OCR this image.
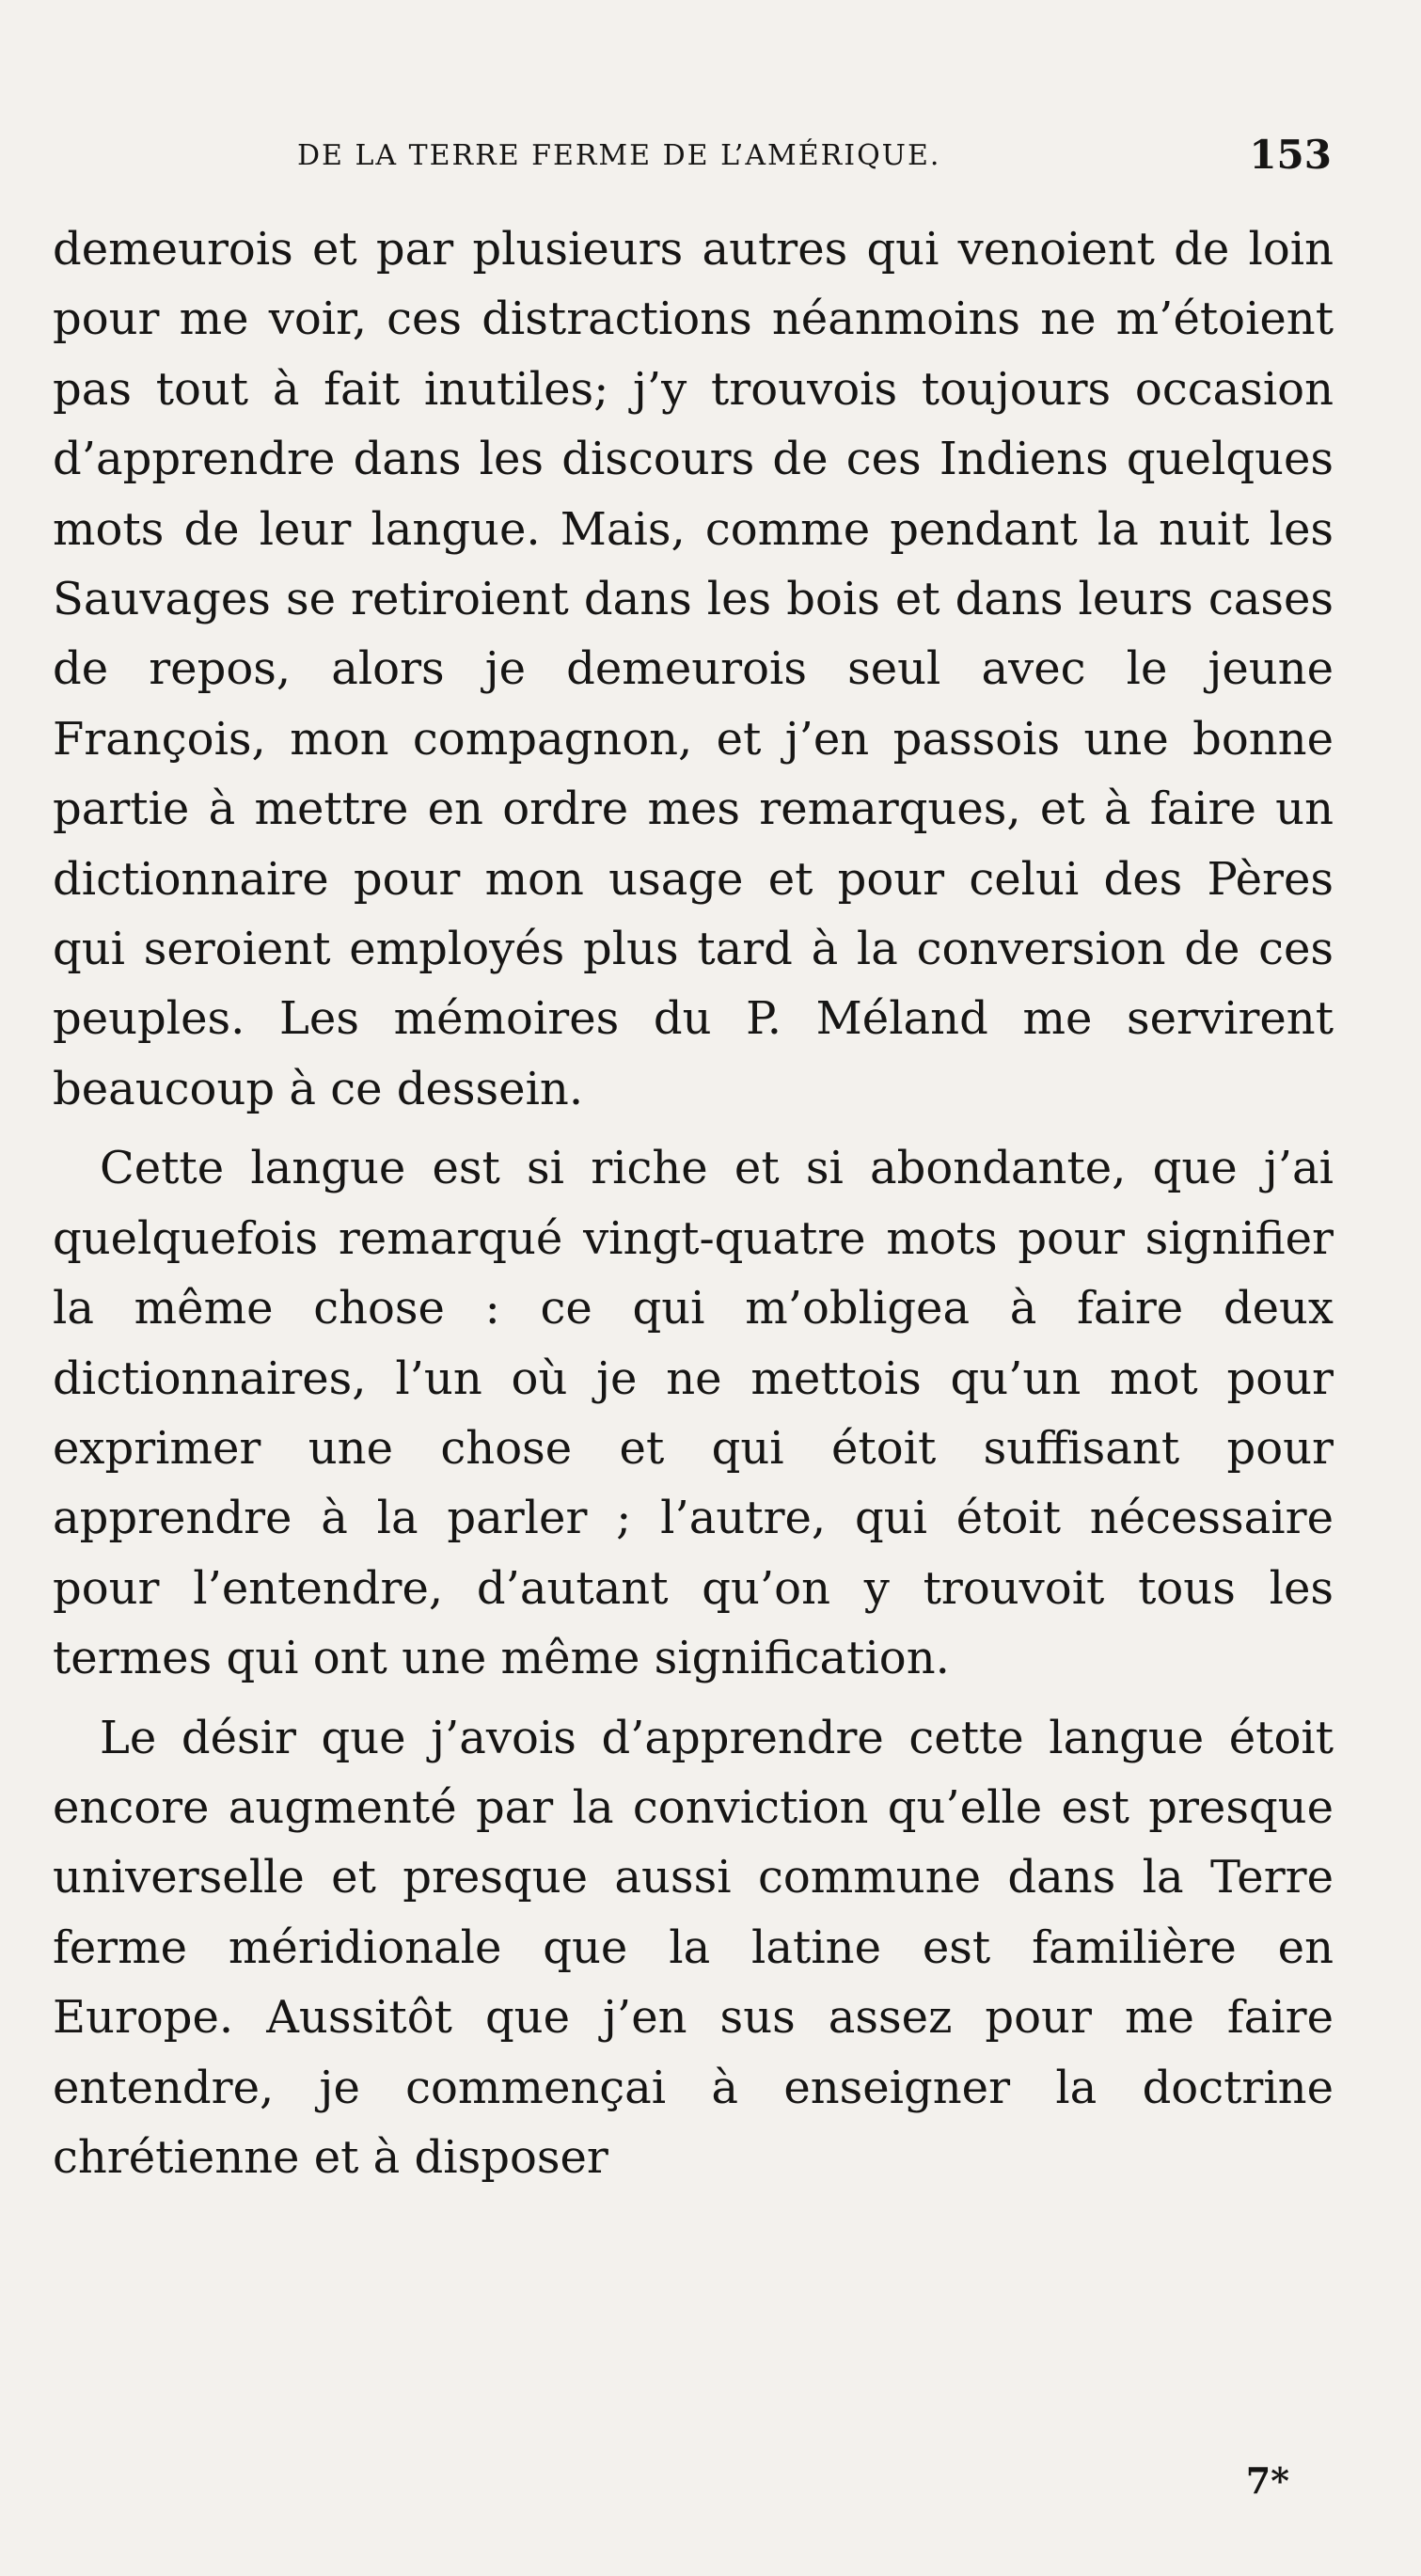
DE LA TERRE FERME DE L’AMÉRIQUE.	153

demeurois et par plusieurs autres qui venoient de loin pour me voir, ces distractions néanmoins ne m’étoient pas tout à fait inutiles; j’y trouvois toujours occasion d’apprendre dans les discours de ces Indiens quelques mots de leur langue. Mais, comme pendant la nuit les Sauvages se retiroient dans les bois et dans leurs cases de repos, alors je demeurois seul avec le jeune François, mon compagnon, et j’en passois une bonne partie à mettre en ordre mes remarques, et à faire un dictionnaire pour mon usage et pour celui des Pères qui seroient employés plus tard à la conversion de ces peuples. Les mémoires du P. Méland me servirent beaucoup à ce dessein.

Cette langue est si riche et si abondante, que j’ai quelquefois remarqué vingt-quatre mots pour signifier la même chose : ce qui m’obligea à faire deux dictionnaires, l’un où je ne mettois qu’un mot pour exprimer une chose et qui étoit suffisant pour apprendre à la parler ; l’autre, qui étoit nécessaire pour l’entendre, d’autant qu’on y trouvoit tous les termes qui ont une même signification.

Le désir que j’avois d’apprendre cette langue étoit encore augmenté par la conviction qu’elle est presque universelle et presque aussi commune dans la Terre ferme méridionale que la latine est familière en Europe. Aussitôt que j’en sus assez pour me faire entendre, je commençai à enseigner la doctrine chrétienne et à disposer

7*
